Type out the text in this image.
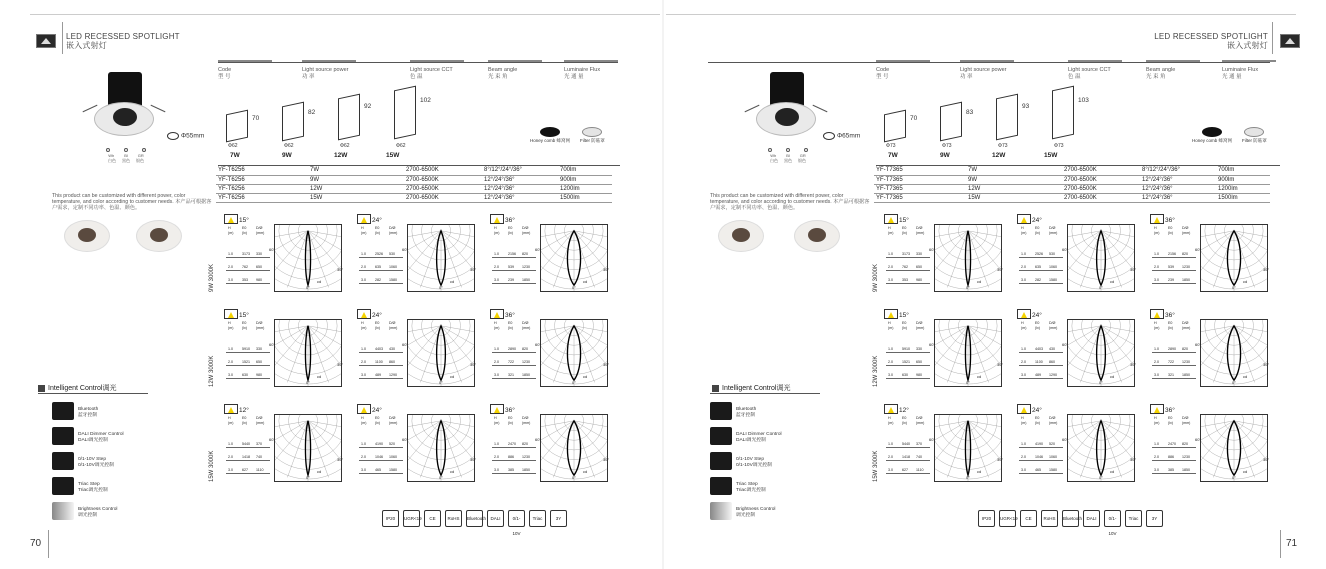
LED RECESSED SPOTLIGHT
嵌入式射灯
Code
型 号
Light source power
功 率
Light source CCT
色 温
Beam angle
光 束 角
Luminaire Flux
光 通 量
Wh	Bl	GR
白色 黑色 银色
Φ55mm
This product can be customized with different power, color temperature, and color according to customer needs. 本产品可根据客户需求，定制不同功率、色温、颜色。
70
Φ62
82
Φ62
92
Φ62
102
Φ62
7W	9W	12W	15W
Honey comb 蜂窝网 Filter 防眩罩
YF-T6256	7W	2700-6500K	8°/12°/24°/36°	700lm
YF-T6256	9W	2700-6500K	12°/24°/36°	900lm
YF-T6256	12W	2700-6500K	12°/24°/36°	1200lm
YF-T6256	15W	2700-6500K	12°/24°/36°	1500lm
9W 3000K
15°
H	E0	D/Ø
(m) (lx)	(mm)
1.0	3173 330
2.0	762 650
3.0	353 980
0°
cd
60°
30°
24°
H	E0	D/Ø
(m) (lx)	(mm)
1.0	2526 530
2.0	635 1060
3.0	282 1580
0°
cd
60°
30°
36°
H	E0	D/Ø
(m) (lx)	(mm)
1.0	2156 820
2.0	539 1230
3.0	239 1850
0°
cd
60°
30°
12W 3000K
15°
H	E0	D/Ø
(m) (lx)	(mm)
1.0	5910 330
2.0	1521 650
3.0	630 980
0°
cd
60°
30°
24°
H	E0	D/Ø
(m) (lx)	(mm)
1.0	4403 430
2.0	1100 860
3.0	489 1290
0°
cd
60°
30°
36°
H	E0	D/Ø
(m) (lx)	(mm)
1.0	2890 820
2.0	722 1230
3.0	321 1850
0°
cd
60°
30°
15W 3000K
12°
H	E0	D/Ø
(m) (lx)	(mm)
1.0	5440 370
2.0	1418 740
3.0	627 1110
0°
cd
60°
30°
24°
H	E0	D/Ø
(m) (lx)	(mm)
1.0	4190 520
2.0	1046 1060
3.0	465 1580
0°
cd
60°
30°
36°
H	E0	D/Ø
(m) (lx)	(mm)
1.0	2470 820
2.0	886 1230
3.0	385 1850
0°
cd
60°
30°
Intelligent Control调光
Bluetooth
蓝牙控制
DALI Dimmer Control
DALI调光控制
0/1-10V Step
0/1-10V调光控制
Triac Step
Triac调光控制
Brightness Control
调光控制
IP20	UGR<19	CE	RoHS	Bluetooth DALI	0/1-10V
Triac	3Y
70
LED RECESSED SPOTLIGHT
嵌入式射灯
Code
型 号
Light source power
功 率
Light source CCT
色 温
Beam angle
光 束 角
Luminaire Flux
光 通 量
Wh	Bl	GR
白色 黑色 银色
Φ65mm
This product can be customized with different power, color temperature, and color according to customer needs. 本产品可根据客户需求，定制不同功率、色温、颜色。
70
Φ73
83
Φ73
93
Φ73
103
Φ73
7W	9W	12W	15W
Honey comb 蜂窝网 Filter 防眩罩
YF-T7365	7W	2700-6500K	8°/12°/24°/36°	700lm
YF-T7365	9W	2700-6500K	12°/24°/36°	900lm
YF-T7365	12W	2700-6500K	12°/24°/36°	1200lm
YF-T7365	15W	2700-6500K	12°/24°/36°	1500lm
9W 3000K
15°
H	E0	D/Ø
(m) (lx)	(mm)
1.0	3173 330
2.0	762 650
3.0	353 980
0°
cd
60°
30°
24°
H	E0	D/Ø
(m) (lx)	(mm)
1.0	2526 530
2.0	635 1060
3.0	282 1580
0°
cd
60°
30°
36°
H	E0	D/Ø
(m) (lx)	(mm)
1.0	2156 820
2.0	539 1230
3.0	239 1850
0°
cd
60°
30°
12W 3000K
15°
H	E0	D/Ø
(m) (lx)	(mm)
1.0	5910 330
2.0	1521 650
3.0	630 980
0°
cd
60°
30°
24°
H	E0	D/Ø
(m) (lx)	(mm)
1.0	4403 430
2.0	1100 860
3.0	489 1290
0°
cd
60°
30°
36°
H	E0	D/Ø
(m) (lx)	(mm)
1.0	2890 820
2.0	722 1230
3.0	321 1850
0°
cd
60°
30°
15W 3000K
12°
H	E0	D/Ø
(m) (lx)	(mm)
1.0	5440 370
2.0	1418 740
3.0	627 1110
0°
cd
60°
30°
24°
H	E0	D/Ø
(m) (lx)	(mm)
1.0	4190 520
2.0	1046 1060
3.0	465 1580
0°
cd
60°
30°
36°
H	E0	D/Ø
(m) (lx)	(mm)
1.0	2470 820
2.0	886 1230
3.0	385 1850
0°
cd
60°
30°
Intelligent Control调光
Bluetooth
蓝牙控制
DALI Dimmer Control
DALI调光控制
0/1-10V Step
0/1-10V调光控制
Triac Step
Triac调光控制
Brightness Control
调光控制
IP20	UGR<19	CE	RoHS	Bluetooth DALI	0/1-10V
Triac	3Y
71
